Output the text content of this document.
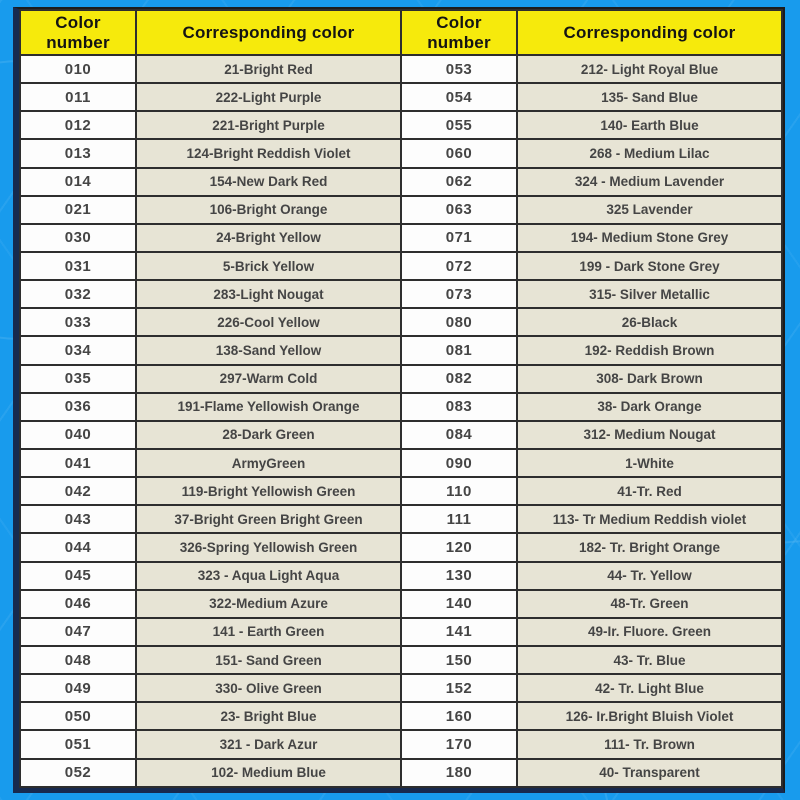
Color number	Corresponding color	Color number	Corresponding color
010	21-Bright Red	053	212- Light Royal Blue
011	222-Light Purple	054	135- Sand Blue
012	221-Bright Purple	055	140- Earth Blue
013	124-Bright Reddish Violet	060	268 - Medium Lilac
014	154-New Dark Red	062	324 - Medium Lavender
021	106-Bright Orange	063	325 Lavender
030	24-Bright Yellow	071	194- Medium Stone Grey
031	5-Brick Yellow	072	199 - Dark Stone Grey
032	283-Light Nougat	073	315- Silver Metallic
033	226-Cool Yellow	080	26-Black
034	138-Sand Yellow	081	192- Reddish Brown
035	297-Warm Cold	082	308- Dark Brown
036	191-Flame Yellowish Orange	083	38- Dark Orange
040	28-Dark Green	084	312- Medium Nougat
041	ArmyGreen	090	1-White
042	119-Bright Yellowish Green	110	41-Tr. Red
043	37-Bright Green Bright Green	111	113- Tr Medium Reddish violet
044	326-Spring Yellowish Green	120	182- Tr. Bright Orange
045	323 - Aqua Light Aqua	130	44- Tr. Yellow
046	322-Medium Azure	140	48-Tr. Green
047	141 - Earth Green	141	49-Ir. Fluore. Green
048	151- Sand Green	150	43- Tr. Blue
049	330- Olive Green	152	42- Tr. Light Blue
050	23- Bright Blue	160	126- Ir.Bright Bluish Violet
051	321 - Dark Azur	170	111- Tr. Brown
052	102- Medium Blue	180	40- Transparent
